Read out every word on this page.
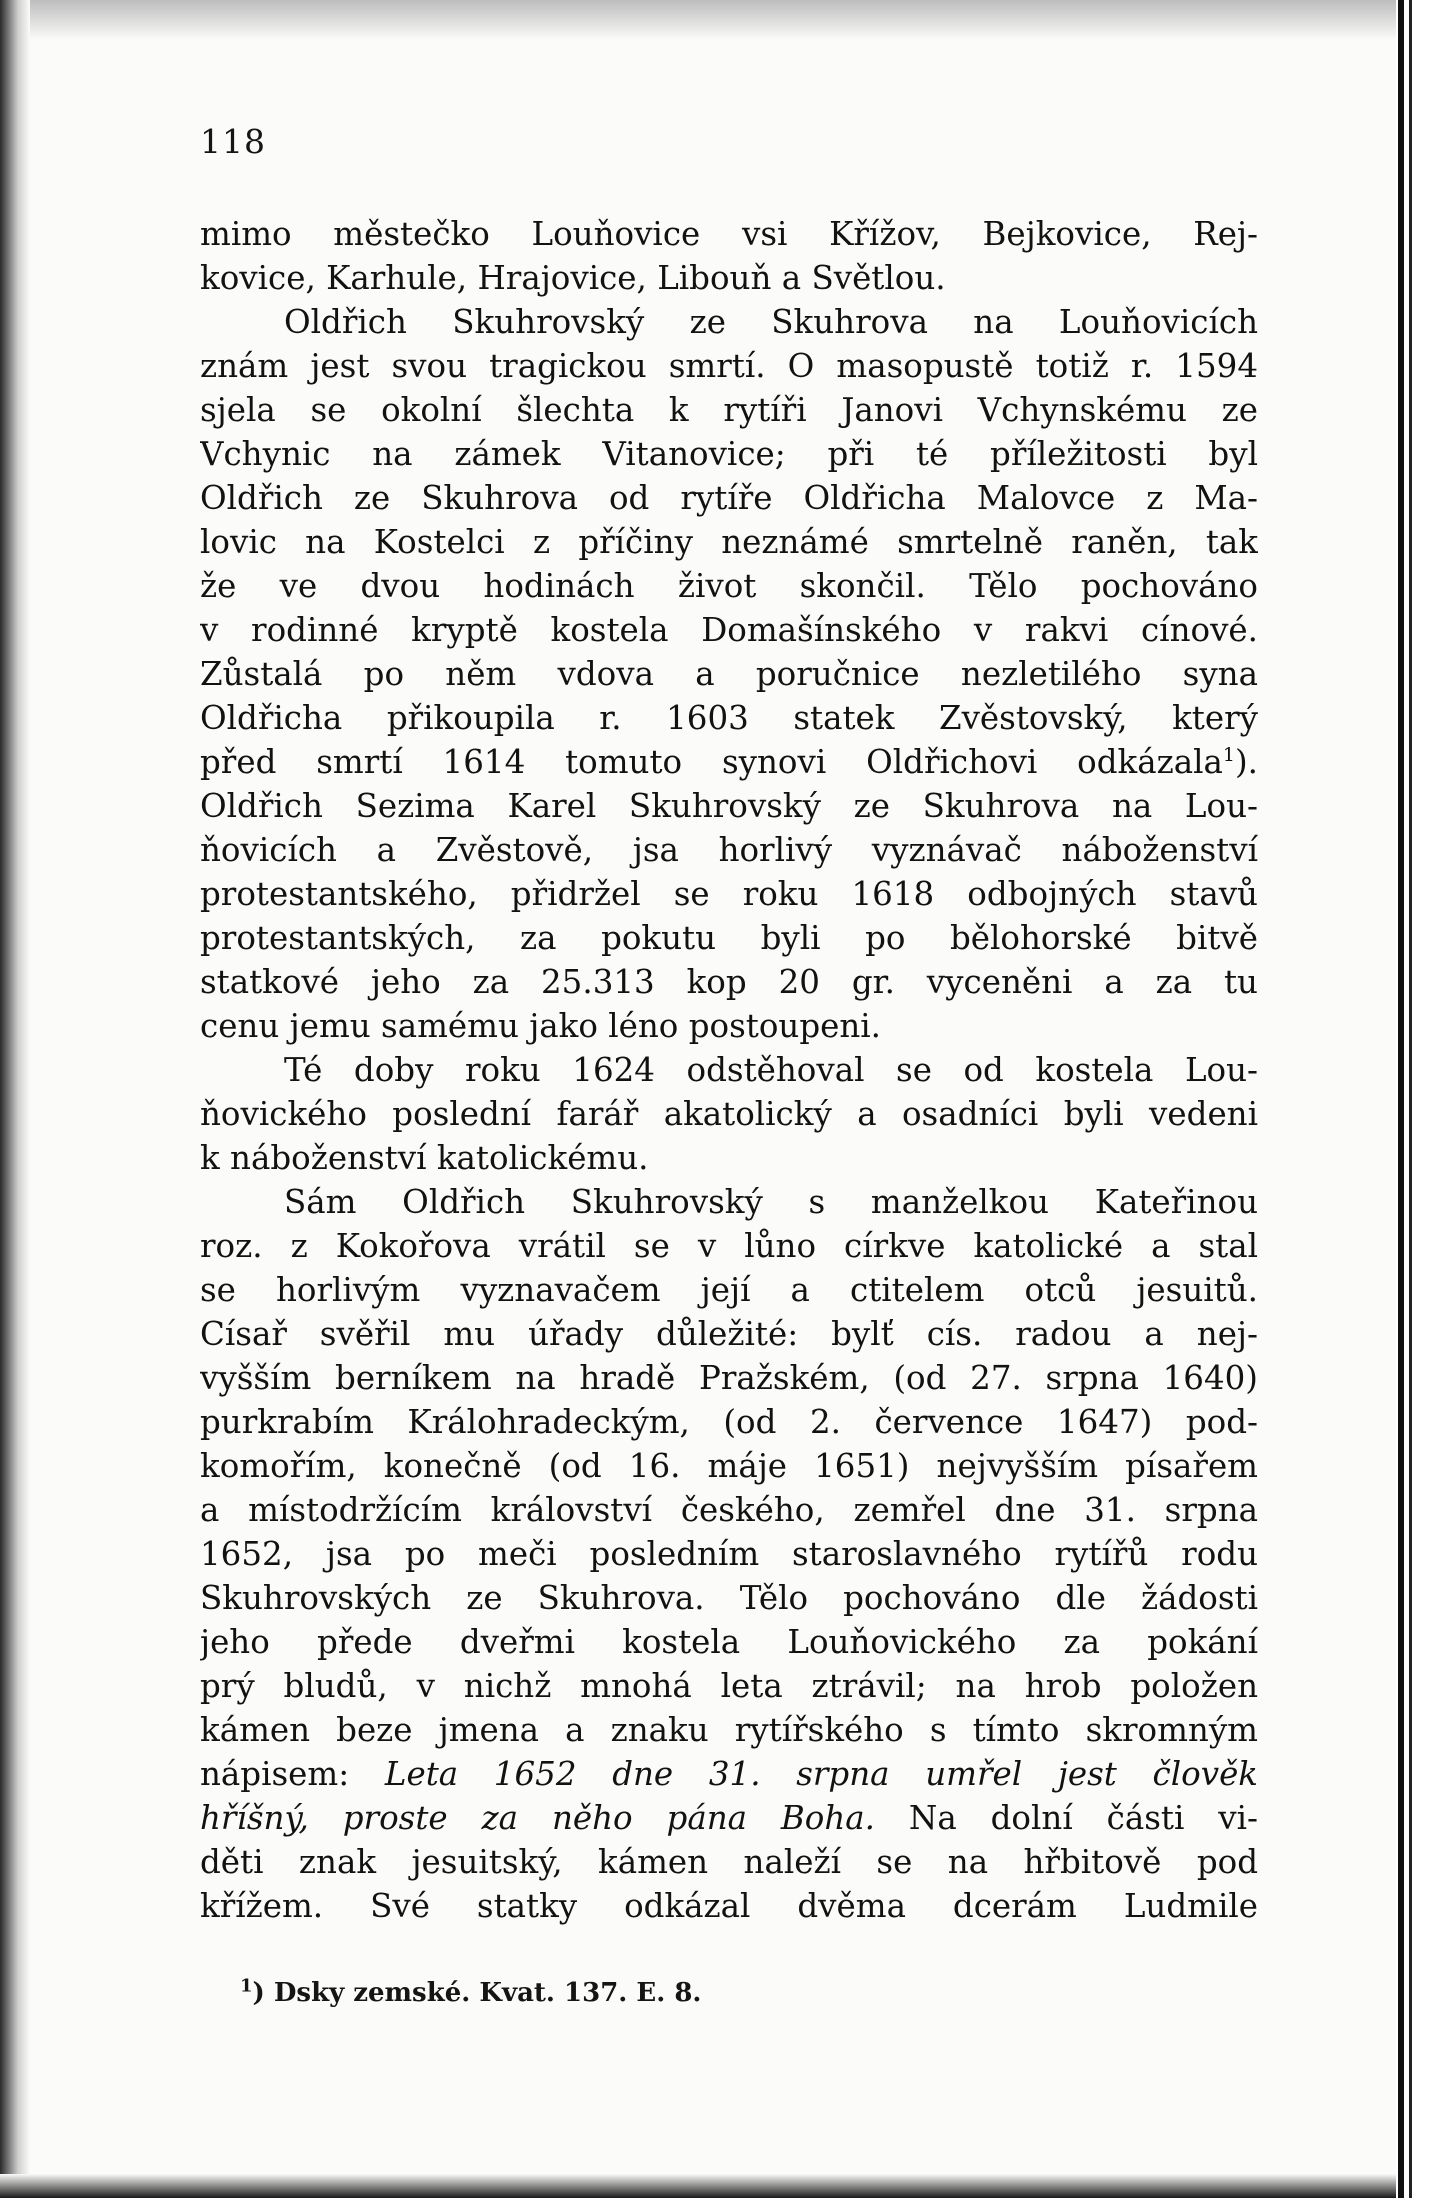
118
mimo městečko Louňovice vsi Křížov, Bejkovice, Rej-
kovice, Karhule, Hrajovice, Libouň a Světlou.
Oldřich Skuhrovský ze Skuhrova na Louňovicích
znám jest svou tragickou smrtí. O masopustě totiž r. 1594
sjela se okolní šlechta k rytíři Janovi Vchynskému ze
Vchynic na zámek Vitanovice; při té příležitosti byl
Oldřich ze Skuhrova od rytíře Oldřicha Malovce z Ma-
lovic na Kostelci z příčiny neznámé smrtelně raněn, tak
že ve dvou hodinách život skončil. Tělo pochováno
v rodinné kryptě kostela Domašínského v rakvi cínové.
Zůstalá po něm vdova a poručnice nezletilého syna
Oldřicha přikoupila r. 1603 statek Zvěstovský, který
před smrtí 1614 tomuto synovi Oldřichovi odkázala$^1$).
Oldřich Sezima Karel Skuhrovský ze Skuhrova na Lou-
ňovicích a Zvěstově, jsa horlivý vyznávač náboženství
protestantského, přidržel se roku 1618 odbojných stavů
protestantských, za pokutu byli po bělohorské bitvě
statkové jeho za 25.313 kop 20 gr. vyceněni a za tu
cenu jemu samému jako léno postoupeni.
Té doby roku 1624 odstěhoval se od kostela Lou-
ňovického poslední farář akatolický a osadníci byli vedeni
k náboženství katolickému.
Sám Oldřich Skuhrovský s manželkou Kateřinou
roz. z Kokořova vrátil se v lůno církve katolické a stal
se horlivým vyznavačem její a ctitelem otců jesuitů.
Císař svěřil mu úřady důležité: bylť cís. radou a nej-
vyšším berníkem na hradě Pražském, (od 27. srpna 1640)
purkrabím Králohradeckým, (od 2. července 1647) pod-
komořím, konečně (od 16. máje 1651) nejvyšším písařem
a místodržícím království českého, zemřel dne 31. srpna
1652, jsa po meči posledním staroslavného rytířů rodu
Skuhrovských ze Skuhrova. Tělo pochováno dle žádosti
jeho přede dveřmi kostela Louňovického za pokání
prý bludů, v nichž mnohá leta ztrávil; na hrob položen
kámen beze jmena a znaku rytířského s tímto skromným
nápisem: Leta 1652 dne 31. srpna umřel jest člověk
hříšný, proste za něho pána Boha. Na dolní části vi-
děti znak jesuitský, kámen naleží se na hřbitově pod
křížem. Své statky odkázal dvěma dcerám Ludmile
$^1$) Dsky zemské. Kvat. 137. E. 8.
